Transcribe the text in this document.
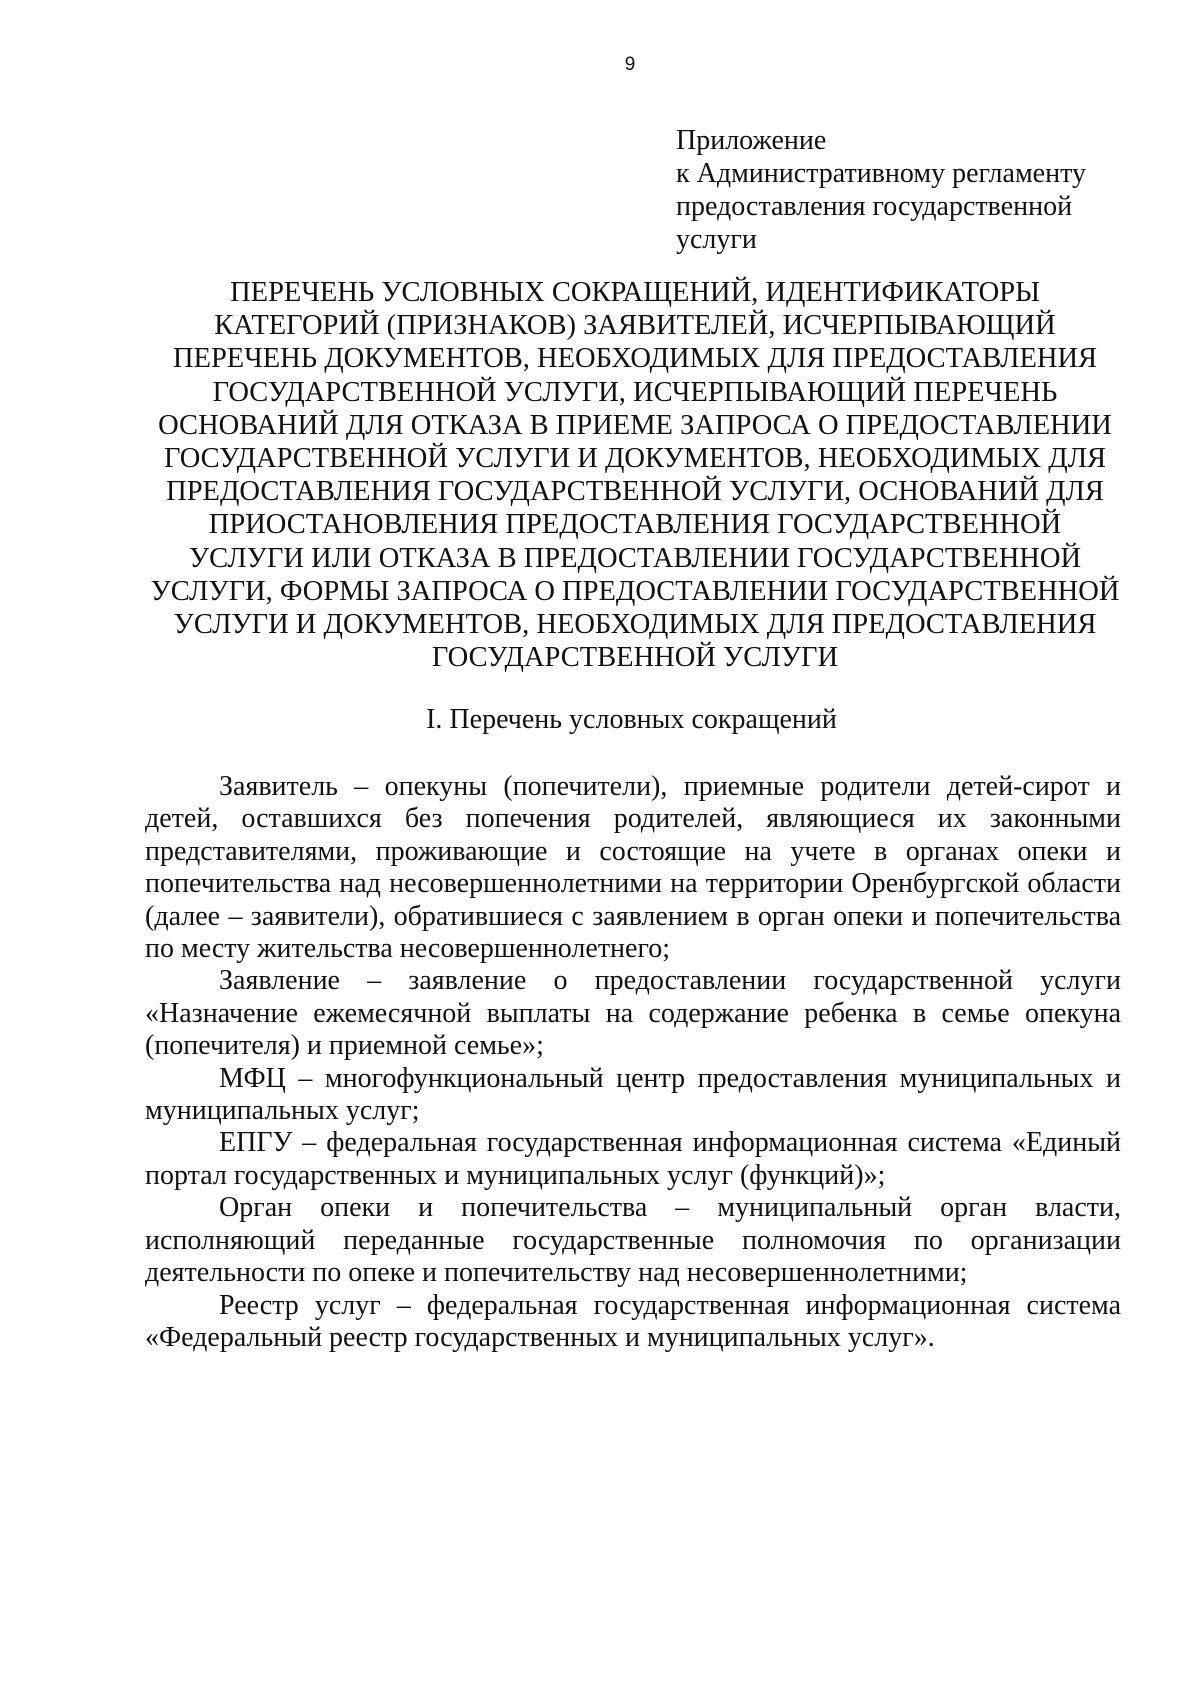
9
Приложение
к Административному регламенту
предоставления государственной
услуги
ПЕРЕЧЕНЬ УСЛОВНЫХ СОКРАЩЕНИЙ, ИДЕНТИФИКАТОРЫ
КАТЕГОРИЙ (ПРИЗНАКОВ) ЗАЯВИТЕЛЕЙ, ИСЧЕРПЫВАЮЩИЙ
ПЕРЕЧЕНЬ ДОКУМЕНТОВ, НЕОБХОДИМЫХ ДЛЯ ПРЕДОСТАВЛЕНИЯ
ГОСУДАРСТВЕННОЙ УСЛУГИ, ИСЧЕРПЫВАЮЩИЙ ПЕРЕЧЕНЬ
ОСНОВАНИЙ ДЛЯ ОТКАЗА В ПРИЕМЕ ЗАПРОСА О ПРЕДОСТАВЛЕНИИ
ГОСУДАРСТВЕННОЙ УСЛУГИ И ДОКУМЕНТОВ, НЕОБХОДИМЫХ ДЛЯ
ПРЕДОСТАВЛЕНИЯ ГОСУДАРСТВЕННОЙ УСЛУГИ, ОСНОВАНИЙ ДЛЯ
ПРИОСТАНОВЛЕНИЯ ПРЕДОСТАВЛЕНИЯ ГОСУДАРСТВЕННОЙ
УСЛУГИ ИЛИ ОТКАЗА В ПРЕДОСТАВЛЕНИИ ГОСУДАРСТВЕННОЙ
УСЛУГИ, ФОРМЫ ЗАПРОСА О ПРЕДОСТАВЛЕНИИ ГОСУДАРСТВЕННОЙ
УСЛУГИ И ДОКУМЕНТОВ, НЕОБХОДИМЫХ ДЛЯ ПРЕДОСТАВЛЕНИЯ
ГОСУДАРСТВЕННОЙ УСЛУГИ
I. Перечень условных сокращений

Заявитель – опекуны (попечители), приемные родители детей-сирот и детей, оставшихся без попечения родителей, являющиеся их законными представителями, проживающие и состоящие на учете в органах опеки и попечительства над несовершеннолетними на территории Оренбургской области (далее – заявители), обратившиеся с заявлением в орган опеки и попечительства по месту жительства несовершеннолетнего;

Заявление – заявление о предоставлении государственной услуги «Назначение ежемесячной выплаты на содержание ребенка в семье опекуна (попечителя) и приемной семье»;

МФЦ – многофункциональный центр предоставления муниципальных и муниципальных услуг;

ЕПГУ – федеральная государственная информационная система «Единый портал государственных и муниципальных услуг (функций)»;

Орган опеки и попечительства – муниципальный орган власти, исполняющий переданные государственные полномочия по организации деятельности по опеке и попечительству над несовершеннолетними;

Реестр услуг – федеральная государственная информационная система «Федеральный реестр государственных и муниципальных услуг».
